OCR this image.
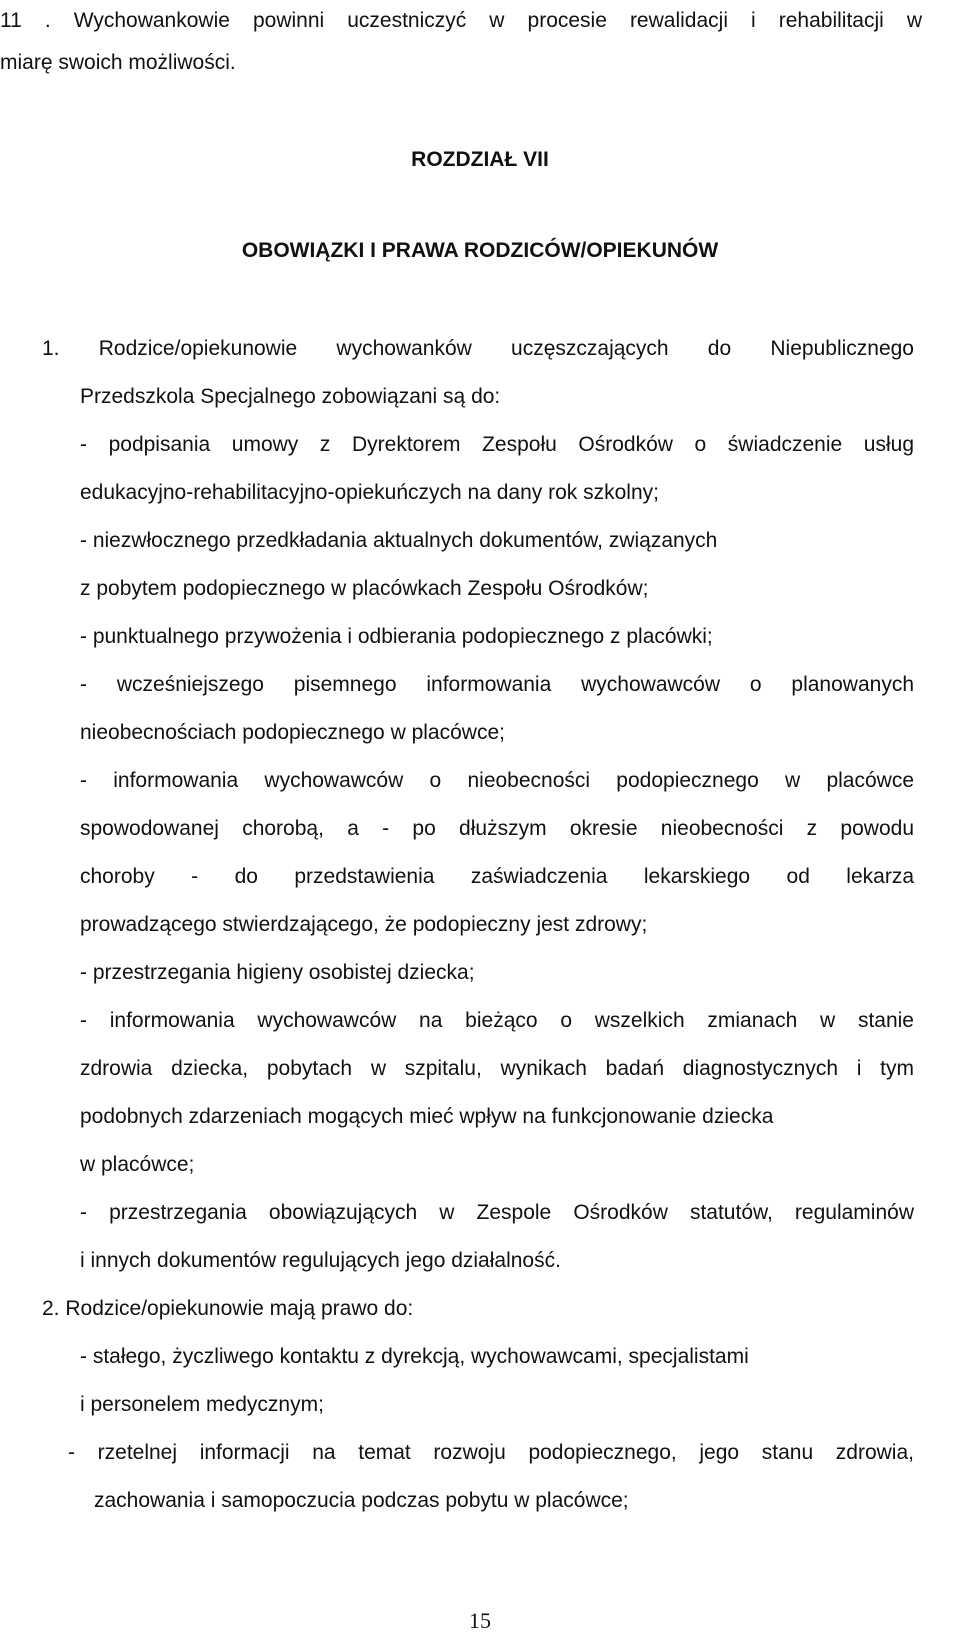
11 . Wychowankowie powinni uczestniczyć w procesie rewalidacji i rehabilitacji w
miarę swoich możliwości.
ROZDZIAŁ VII
OBOWIĄZKI I PRAWA RODZICÓW/OPIEKUNÓW
1. Rodzice/opiekunowie wychowanków uczęszczających do Niepublicznego
Przedszkola Specjalnego zobowiązani są do:
- podpisania umowy z Dyrektorem Zespołu Ośrodków o świadczenie usług
edukacyjno-rehabilitacyjno-opiekuńczych na dany rok szkolny;
- niezwłocznego przedkładania aktualnych dokumentów, związanych
z pobytem podopiecznego w placówkach Zespołu Ośrodków;
- punktualnego przywożenia i odbierania podopiecznego z placówki;
- wcześniejszego pisemnego informowania wychowawców o planowanych
nieobecnościach podopiecznego w placówce;
- informowania wychowawców o nieobecności podopiecznego w placówce
spowodowanej chorobą, a - po dłuższym okresie nieobecności z powodu
choroby - do przedstawienia zaświadczenia lekarskiego od lekarza
prowadzącego stwierdzającego, że podopieczny jest zdrowy;
- przestrzegania higieny osobistej dziecka;
- informowania wychowawców na bieżąco o wszelkich zmianach w stanie
zdrowia dziecka, pobytach w szpitalu, wynikach badań diagnostycznych i tym
podobnych zdarzeniach mogących mieć wpływ na funkcjonowanie dziecka
w placówce;
- przestrzegania obowiązujących w Zespole Ośrodków statutów, regulaminów
i innych dokumentów regulujących jego działalność.
2. Rodzice/opiekunowie mają prawo do:
- stałego, życzliwego kontaktu z dyrekcją, wychowawcami, specjalistami
i personelem medycznym;
- rzetelnej informacji na temat rozwoju podopiecznego, jego stanu zdrowia,
zachowania i samopoczucia podczas pobytu w placówce;
15
